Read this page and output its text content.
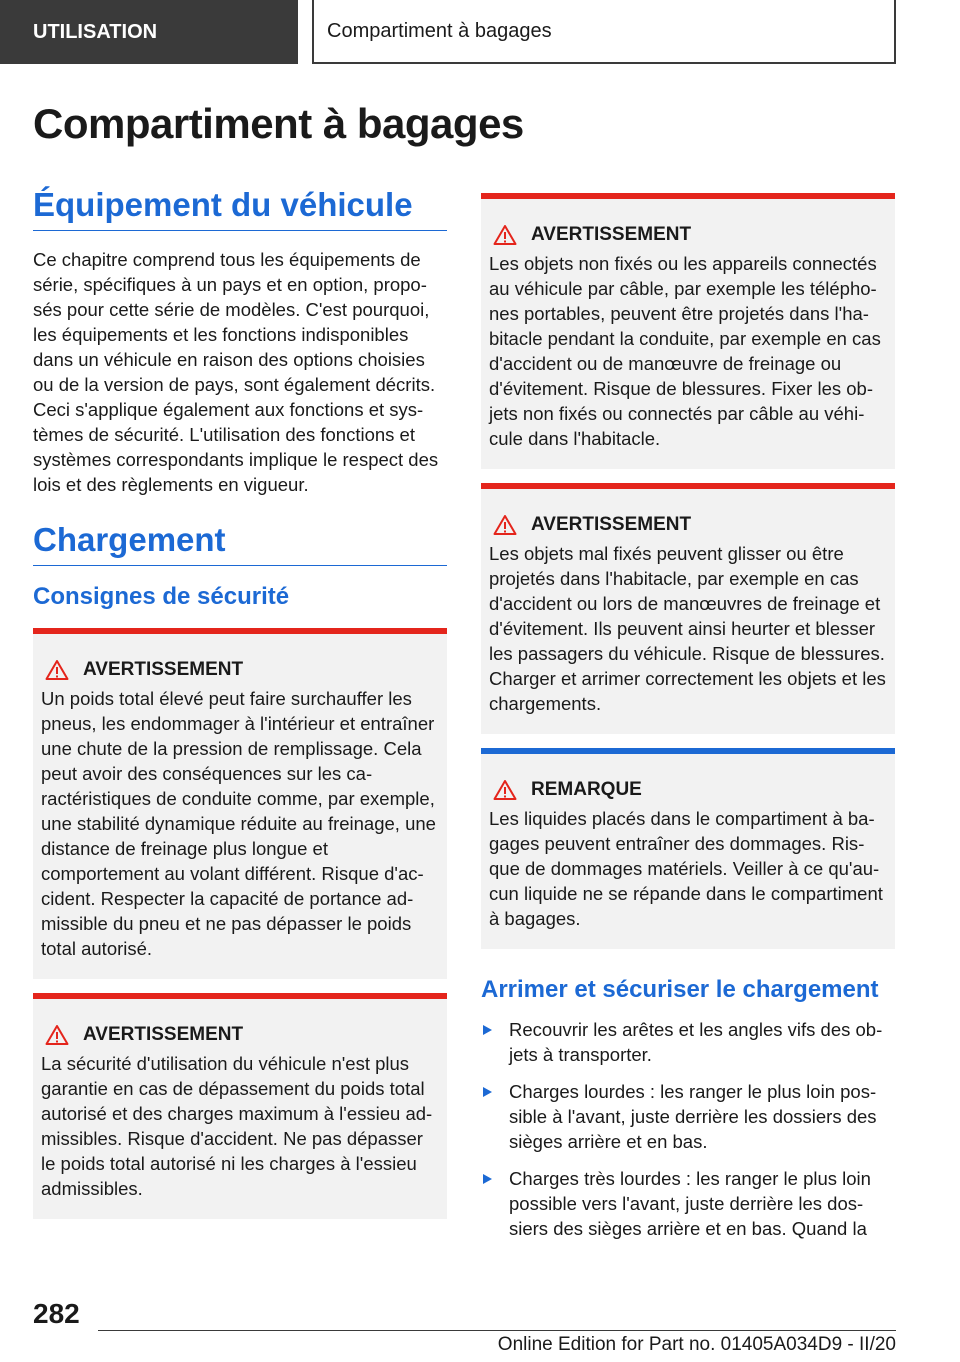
UTILISATION	Compartiment à bagages
Compartiment à bagages
Équipement du véhicule
Ce chapitre comprend tous les équipements de série, spécifiques à un pays et en option, proposés pour cette série de modèles. C'est pourquoi, les équipements et les fonctions indisponibles dans un véhicule en raison des options choisies ou de la version de pays, sont également décrits. Ceci s'applique également aux fonctions et systèmes de sécurité. L'utilisation des fonctions et systèmes correspondants implique le respect des lois et des règlements en vigueur.
Chargement
Consignes de sécurité
AVERTISSEMENT
Un poids total élevé peut faire surchauffer les pneus, les endommager à l'intérieur et entraîner une chute de la pression de remplissage. Cela peut avoir des conséquences sur les caractéristiques de conduite comme, par exemple, une stabilité dynamique réduite au freinage, une distance de freinage plus longue et comportement au volant différent. Risque d'accident. Respecter la capacité de portance admissible du pneu et ne pas dépasser le poids total autorisé.
AVERTISSEMENT
La sécurité d'utilisation du véhicule n'est plus garantie en cas de dépassement du poids total autorisé et des charges maximum à l'essieu admissibles. Risque d'accident. Ne pas dépasser le poids total autorisé ni les charges à l'essieu admissibles.
AVERTISSEMENT
Les objets non fixés ou les appareils connectés au véhicule par câble, par exemple les téléphones portables, peuvent être projetés dans l'habitacle pendant la conduite, par exemple en cas d'accident ou de manœuvre de freinage ou d'évitement. Risque de blessures. Fixer les objets non fixés ou connectés par câble au véhicule dans l'habitacle.
AVERTISSEMENT
Les objets mal fixés peuvent glisser ou être projetés dans l'habitacle, par exemple en cas d'accident ou lors de manœuvres de freinage et d'évitement. Ils peuvent ainsi heurter et blesser les passagers du véhicule. Risque de blessures. Charger et arrimer correctement les objets et les chargements.
REMARQUE
Les liquides placés dans le compartiment à bagages peuvent entraîner des dommages. Risque de dommages matériels. Veiller à ce qu'aucun liquide ne se répande dans le compartiment à bagages.
Arrimer et sécuriser le chargement
Recouvrir les arêtes et les angles vifs des objets à transporter.
Charges lourdes : les ranger le plus loin possible à l'avant, juste derrière les dossiers des sièges arrière et en bas.
Charges très lourdes : les ranger le plus loin possible vers l'avant, juste derrière les dossiers des sièges arrière et en bas. Quand la
282
Online Edition for Part no. 01405A034D9 - II/20
